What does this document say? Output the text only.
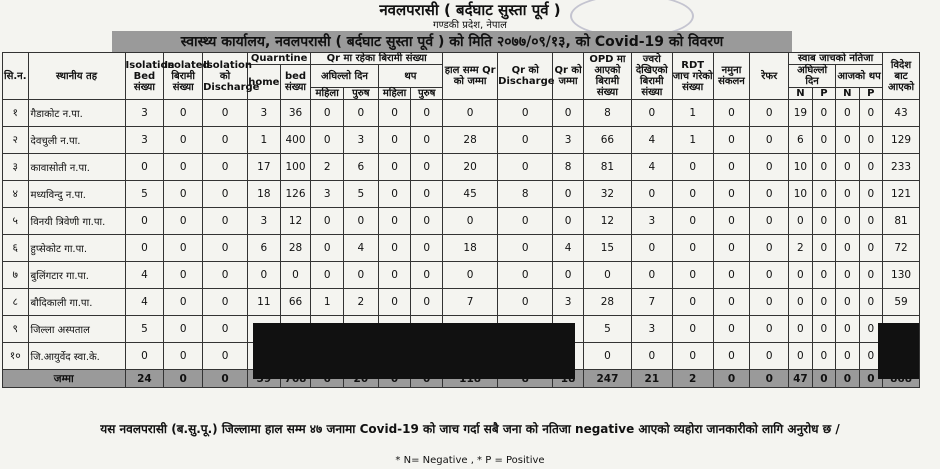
नवलपरासी ( बर्दघाट सुस्ता पूर्व )
गण्डकी प्रदेश, नेपाल
स्वास्थ्य कार्यालय, नवलपरासी ( बर्दघाट सुस्ता पूर्व ) को मिति २०७७/०९/१३, को Covid-19 को विवरण
सि.न.	स्थानीय तह	Isolation Bed संख्या	Isolated बिरामी संख्या	Isolation को Discharge	Quarntine		Qr मा रहेका बिरामी संख्या				हाल सम्म Qr को जम्मा	Qr को Discharge	Qr को जम्मा	OPD मा आएको बिरामी संख्या	ज्वरो देखिएको बिरामी संख्या	RDT जाच गरेको संख्या	नमुना संकलन	रेफर	स्वाब जाचको नतिजा				विदेश बाट आएको
					home	bed संख्या	अघिल्लो दिन		थप										अघिल्लो दिन		आजको थप		
							महिला	पुरुष	महिला	पुरुष									N	P	N	P	
१	गैडाकोट न.पा.	3	0	0	3	36	0	0	0	0	0	0	0	8	0	1	0	0	19	0	0	0	43
२	देवचुली न.पा.	3	0	0	1	400	0	3	0	0	28	0	3	66	4	1	0	0	6	0	0	0	129
३	कावासोती न.पा.	0	0	0	17	100	2	6	0	0	20	0	8	81	4	0	0	0	10	0	0	0	233
४	मध्यविन्दु न.पा.	5	0	0	18	126	3	5	0	0	45	8	0	32	0	0	0	0	10	0	0	0	121
५	विनयी त्रिवेणी गा.पा.	0	0	0	3	12	0	0	0	0	0	0	0	12	3	0	0	0	0	0	0	0	81
६	हुप्सेकोट गा.पा.	0	0	0	6	28	0	4	0	0	18	0	4	15	0	0	0	0	2	0	0	0	72
७	बुलिंगटार गा.पा.	4	0	0	0	0	0	0	0	0	0	0	0	0	0	0	0	0	0	0	0	0	130
८	बौदिकाली गा.पा.	4	0	0	11	66	1	2	0	0	7	0	3	28	7	0	0	0	0	0	0	0	59
९	जिल्ला अस्पताल	5	0	0										5	3	0	0	0	0	0	0	0	
१०	जि.आयुर्वेद स्वा.के.	0	0	0										0	0	0	0	0	0	0	0	0	
जम्मा		24	0	0										247	21	2	0	0	47	0	0	0	
यस नवलपरासी (ब.सु.पू.) जिल्लामा हाल सम्म ४७ जनामा Covid-19 को जाच गर्दा सबै जना को नतिजा negative आएको व्यहोरा जानकारीको लागि अनुरोध छ /
* N= Negative , * P = Positive
